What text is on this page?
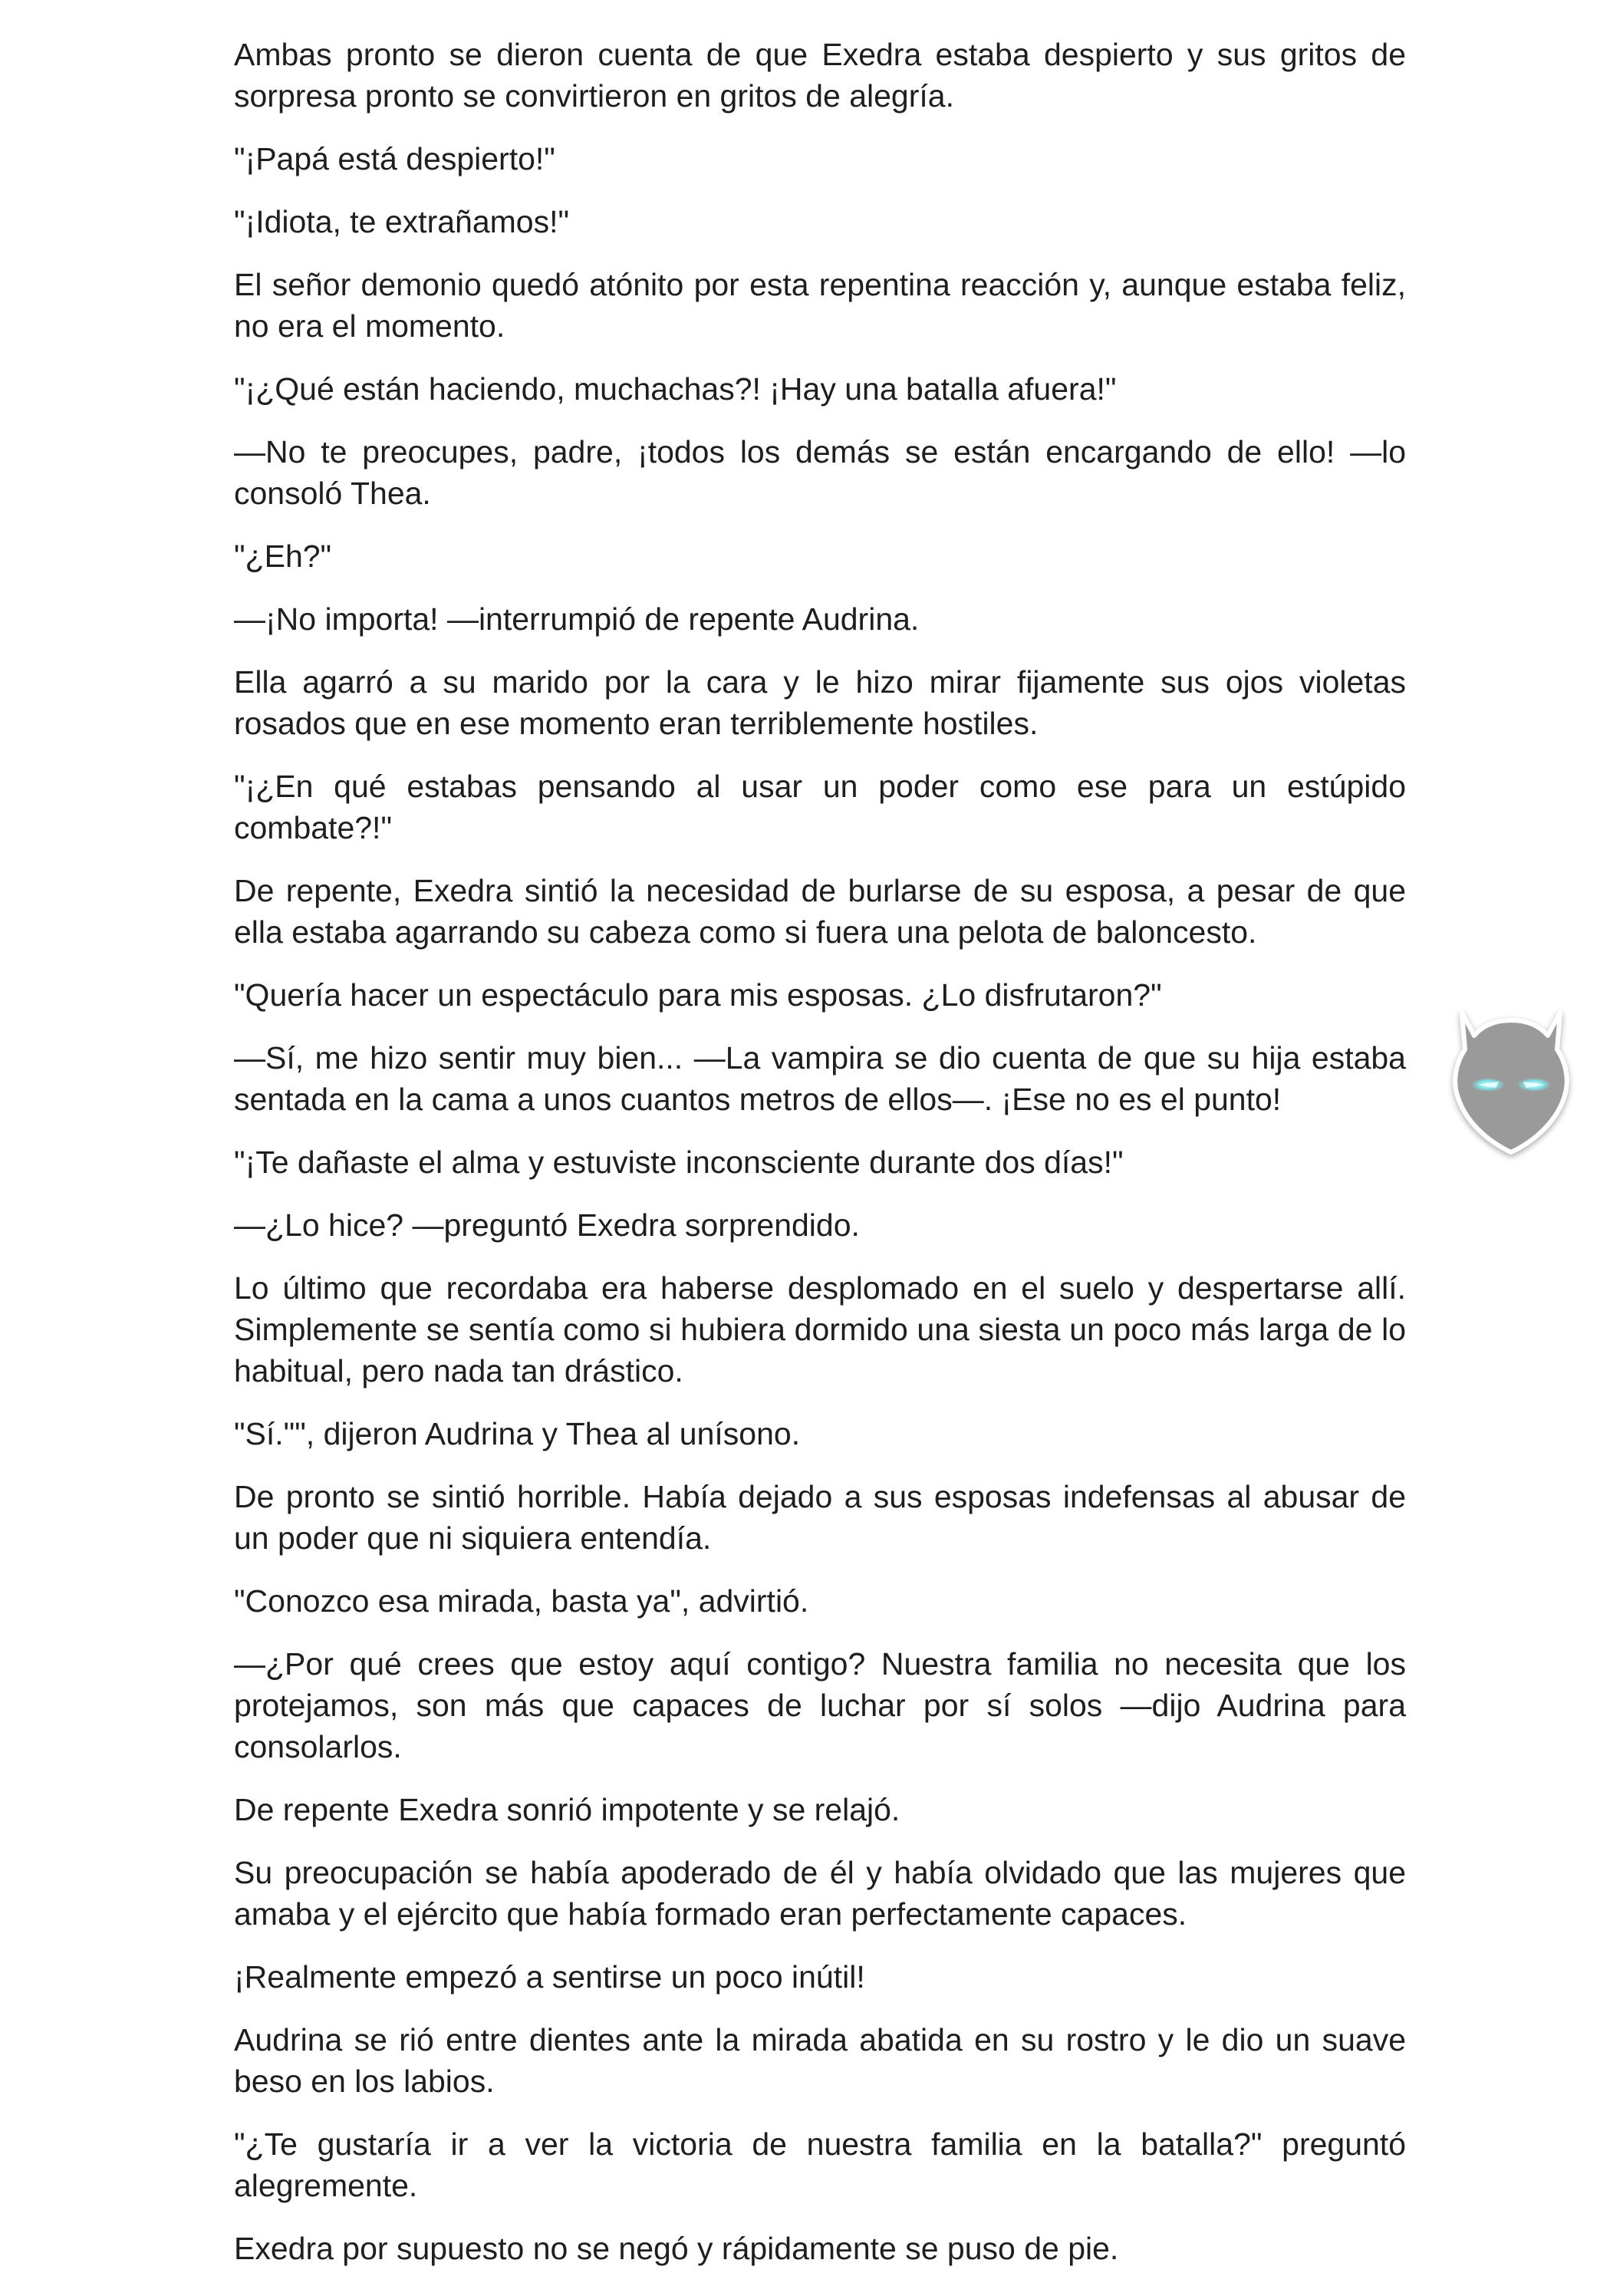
Ambas pronto se dieron cuenta de que Exedra estaba despierto y sus gritos de sorpresa pronto se convirtieron en gritos de alegría.

"¡Papá está despierto!"

"¡Idiota, te extrañamos!"

El señor demonio quedó atónito por esta repentina reacción y, aunque estaba feliz, no era el momento.

"¡¿Qué están haciendo, muchachas?! ¡Hay una batalla afuera!"

—No te preocupes, padre, ¡todos los demás se están encargando de ello! —lo consoló Thea.

"¿Eh?"

—¡No importa! —interrumpió de repente Audrina.

Ella agarró a su marido por la cara y le hizo mirar fijamente sus ojos violetas rosados que en ese momento eran terriblemente hostiles.

"¡¿En qué estabas pensando al usar un poder como ese para un estúpido combate?!"

De repente, Exedra sintió la necesidad de burlarse de su esposa, a pesar de que ella estaba agarrando su cabeza como si fuera una pelota de baloncesto.

"Quería hacer un espectáculo para mis esposas. ¿Lo disfrutaron?"

—Sí, me hizo sentir muy bien... —La vampira se dio cuenta de que su hija estaba sentada en la cama a unos cuantos metros de ellos—. ¡Ese no es el punto!

"¡Te dañaste el alma y estuviste inconsciente durante dos días!"

—¿Lo hice? —preguntó Exedra sorprendido.

Lo último que recordaba era haberse desplomado en el suelo y despertarse allí. Simplemente se sentía como si hubiera dormido una siesta un poco más larga de lo habitual, pero nada tan drástico.

"Sí."", dijeron Audrina y Thea al unísono.

De pronto se sintió horrible. Había dejado a sus esposas indefensas al abusar de un poder que ni siquiera entendía.

"Conozco esa mirada, basta ya", advirtió.

—¿Por qué crees que estoy aquí contigo? Nuestra familia no necesita que los protejamos, son más que capaces de luchar por sí solos —dijo Audrina para consolarlos.

De repente Exedra sonrió impotente y se relajó.

Su preocupación se había apoderado de él y había olvidado que las mujeres que amaba y el ejército que había formado eran perfectamente capaces.

¡Realmente empezó a sentirse un poco inútil!

Audrina se rió entre dientes ante la mirada abatida en su rostro y le dio un suave beso en los labios.

"¿Te gustaría ir a ver la victoria de nuestra familia en la batalla?" preguntó alegremente.

Exedra por supuesto no se negó y rápidamente se puso de pie.
